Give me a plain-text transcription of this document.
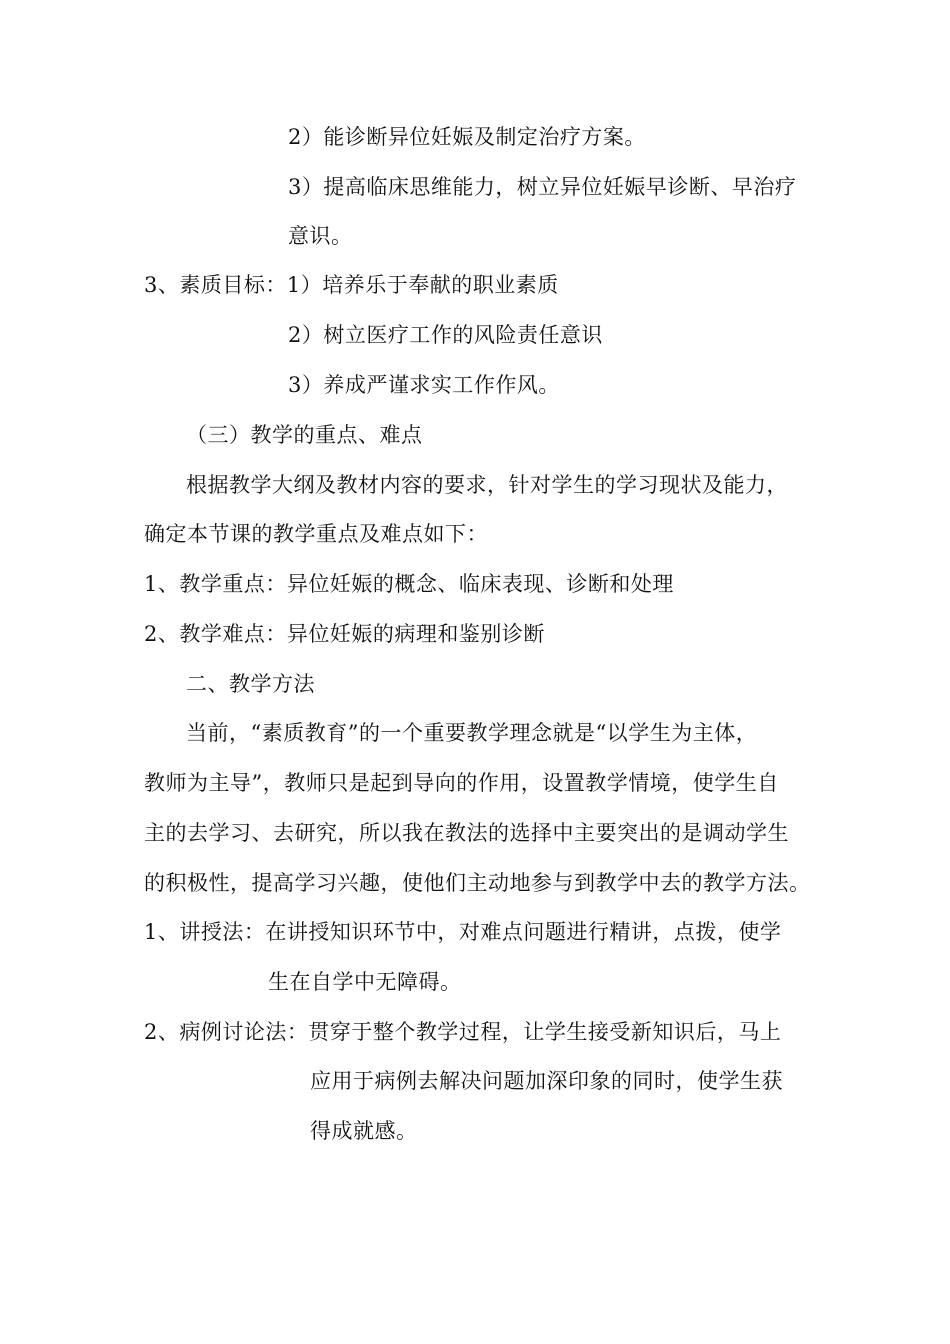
2）能诊断异位妊娠及制定治疗方案。
3）提高临床思维能力，树立异位妊娠早诊断、早治疗
意识。
3、素质目标：1）培养乐于奉献的职业素质
2）树立医疗工作的风险责任意识
3）养成严谨求实工作作风。
（三）教学的重点、难点
根据教学大纲及教材内容的要求，针对学生的学习现状及能力，
确定本节课的教学重点及难点如下：
1、教学重点：异位妊娠的概念、临床表现、诊断和处理
2、教学难点：异位妊娠的病理和鉴别诊断
二、教学方法
当前，“素质教育”的一个重要教学理念就是“以学生为主体，
教师为主导”，教师只是起到导向的作用，设置教学情境，使学生自
主的去学习、去研究，所以我在教法的选择中主要突出的是调动学生
的积极性，提高学习兴趣，使他们主动地参与到教学中去的教学方法。
1、讲授法：在讲授知识环节中，对难点问题进行精讲，点拨，使学
生在自学中无障碍。
2、病例讨论法：贯穿于整个教学过程，让学生接受新知识后，马上
应用于病例去解决问题加深印象的同时，使学生获
得成就感。
